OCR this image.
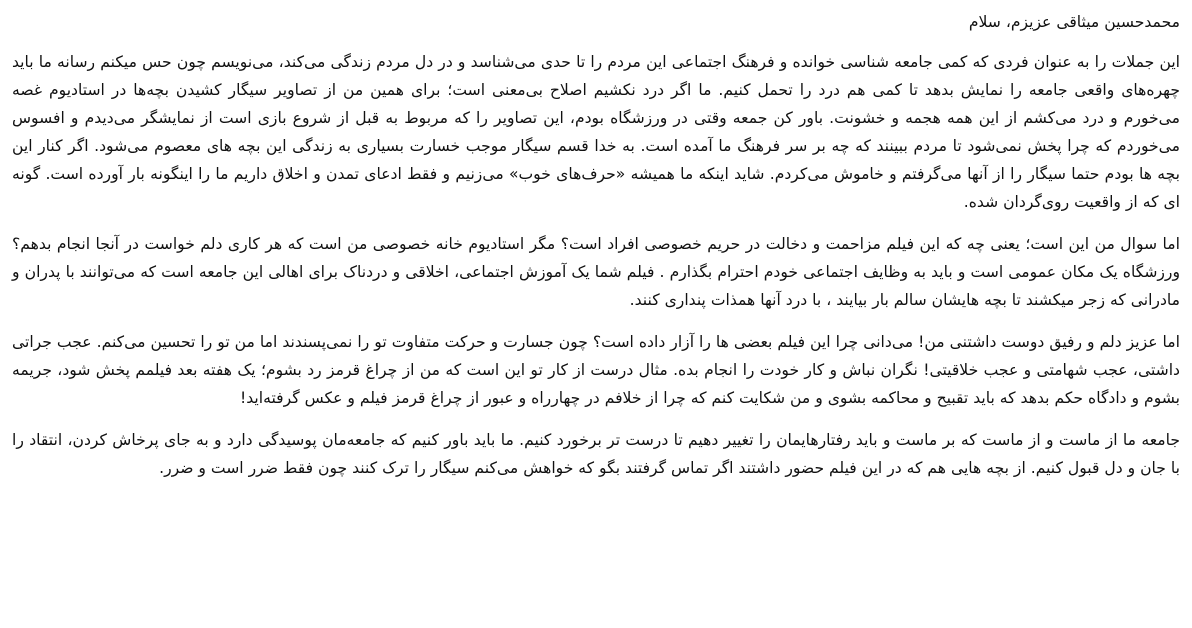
محمدحسین میثاقی عزیزم، سلام

این جملات را به عنوان فردی که کمی جامعه شناسی خوانده و فرهنگ اجتماعی این مردم را تا حدی می‌شناسد و در دل مردم زندگی می‌کند، می‌نویسم چون حس میکنم رسانه ما باید چهره‌های واقعی جامعه را نمایش بدهد تا کمی هم درد را تحمل کنیم. ما اگر درد نکشیم اصلاح بی‌معنی است؛ برای همین من از تصاویر سیگار کشیدن بچه‌ها در استادیوم غصه می‌خورم و درد می‌کشم از این همه هجمه و خشونت. باور کن جمعه وقتی در ورزشگاه بودم، این تصاویر را که مربوط به قبل از شروع بازی است از نمایشگر می‌دیدم و افسوس می‌خوردم که چرا پخش نمی‌شود تا مردم ببینند که چه بر سر فرهنگ ما آمده است. به خدا قسم سیگار موجب خسارت بسیاری به زندگی این بچه های معصوم می‌شود. اگر کنار این بچه ها بودم حتما سیگار را از آنها می‌گرفتم و خاموش می‌کردم. شاید اینکه ما همیشه «حرف‌های خوب» می‌زنیم و فقط ادعای تمدن و اخلاق داریم ما را اینگونه بار آورده است. گونه ای که از واقعیت روی‌گردان شده.

اما سوال من این است؛ یعنی چه که این فیلم مزاحمت و دخالت در حریم خصوصی افراد است؟ مگر استادیوم خانه خصوصی من است که هر کاری دلم خواست در آنجا انجام بدهم؟ ورزشگاه یک مکان عمومی است و باید به وظایف اجتماعی خودم احترام بگذارم . فیلم شما یک آموزش اجتماعی، اخلاقی و دردناک برای اهالی این جامعه است که می‌توانند با پدران و مادرانی که زجر میکشند تا بچه هایشان سالم بار بیایند ، با درد آنها همذات پنداری کنند.

اما عزیز دلم و رفیق دوست داشتنی من! می‌دانی چرا این فیلم بعضی ها را آزار داده است؟ چون جسارت و حرکت متفاوت تو را نمی‌پسندند اما من تو را تحسین می‌کنم. عجب جراتی داشتی، عجب شهامتی و عجب خلاقیتی! نگران نباش و کار خودت را انجام بده. مثال درست از کار تو این است که من از چراغ قرمز رد بشوم؛ یک هفته بعد فیلمم پخش شود، جریمه بشوم و دادگاه حکم بدهد که باید تقبیح و محاکمه بشوی و من شکایت کنم که چرا از خلافم در چهارراه و عبور از چراغ قرمز فیلم و عکس گرفته‌اید!

جامعه ما از ماست و از ماست که بر ماست و باید رفتارهایمان را تغییر دهیم تا درست تر برخورد کنیم. ما باید باور کنیم که جامعه‌مان پوسیدگی دارد و به جای پرخاش کردن، انتقاد را با جان و دل قبول کنیم. از بچه هایی هم که در این فیلم حضور داشتند اگر تماس گرفتند بگو که خواهش می‌کنم سیگار را ترک کنند چون فقط ضرر است و ضرر.
